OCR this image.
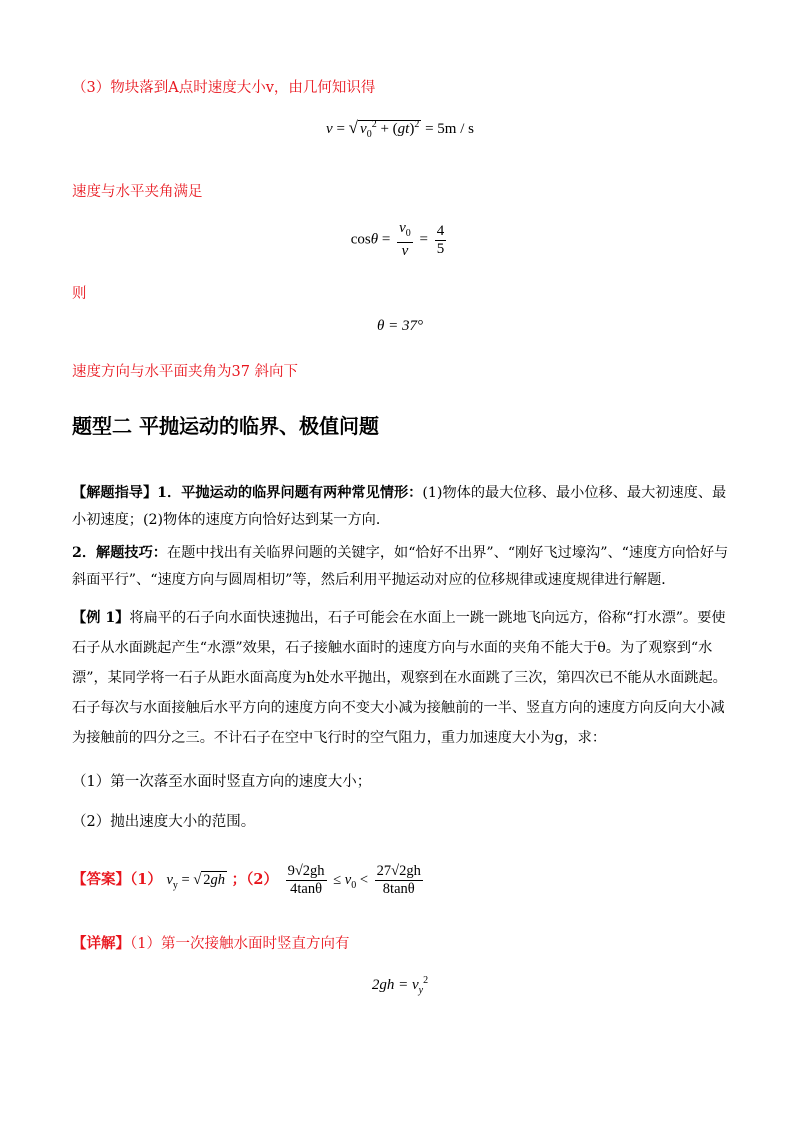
（3）物块落到A点时速度大小v，由几何知识得
v = √ $v_0^2 + (gt)^2 = 5m / s$
速度与水平夹角满足
$\cos\theta = \frac{v_0}{v} = \frac{4}{5}$
则
θ = 37°
速度方向与水平面夹角为37 斜向下
题型二 平抛运动的临界、极值问题
【解题指导】1．平抛运动的临界问题有两种常见情形：(1)物体的最大位移、最小位移、最大初速度、最小初速度；(2)物体的速度方向恰好达到某一方向．
2．解题技巧：在题中找出有关临界问题的关键字，如“恰好不出界”、“刚好飞过壕沟”、“速度方向恰好与斜面平行”、“速度方向与圆周相切”等，然后利用平抛运动对应的位移规律或速度规律进行解题．
【例 1】将扁平的石子向水面快速抛出，石子可能会在水面上一跳一跳地飞向远方，俗称“打水漂”。要使石子从水面跳起产生“水漂”效果，石子接触水面时的速度方向与水面的夹角不能大于θ。为了观察到“水漂”，某同学将一石子从距水面高度为h处水平抛出，观察到在水面跳了三次，第四次已不能从水面跳起。石子每次与水面接触后水平方向的速度方向不变大小减为接触前的一半、竖直方向的速度方向反向大小减为接触前的四分之三。不计石子在空中飞行时的空气阻力，重力加速度大小为g，求：
（1）第一次落至水面时竖直方向的速度大小；
（2）抛出速度大小的范围。
【答案】（1） $v_y$ = √ 2gh ；$(2) \frac{9√2gh}{4\tan\theta} \le v_0 < \frac{27√2gh}{8\tan\theta}$
【详解】（1）第一次接触水面时竖直方向有
$2gh = v_y^2$
